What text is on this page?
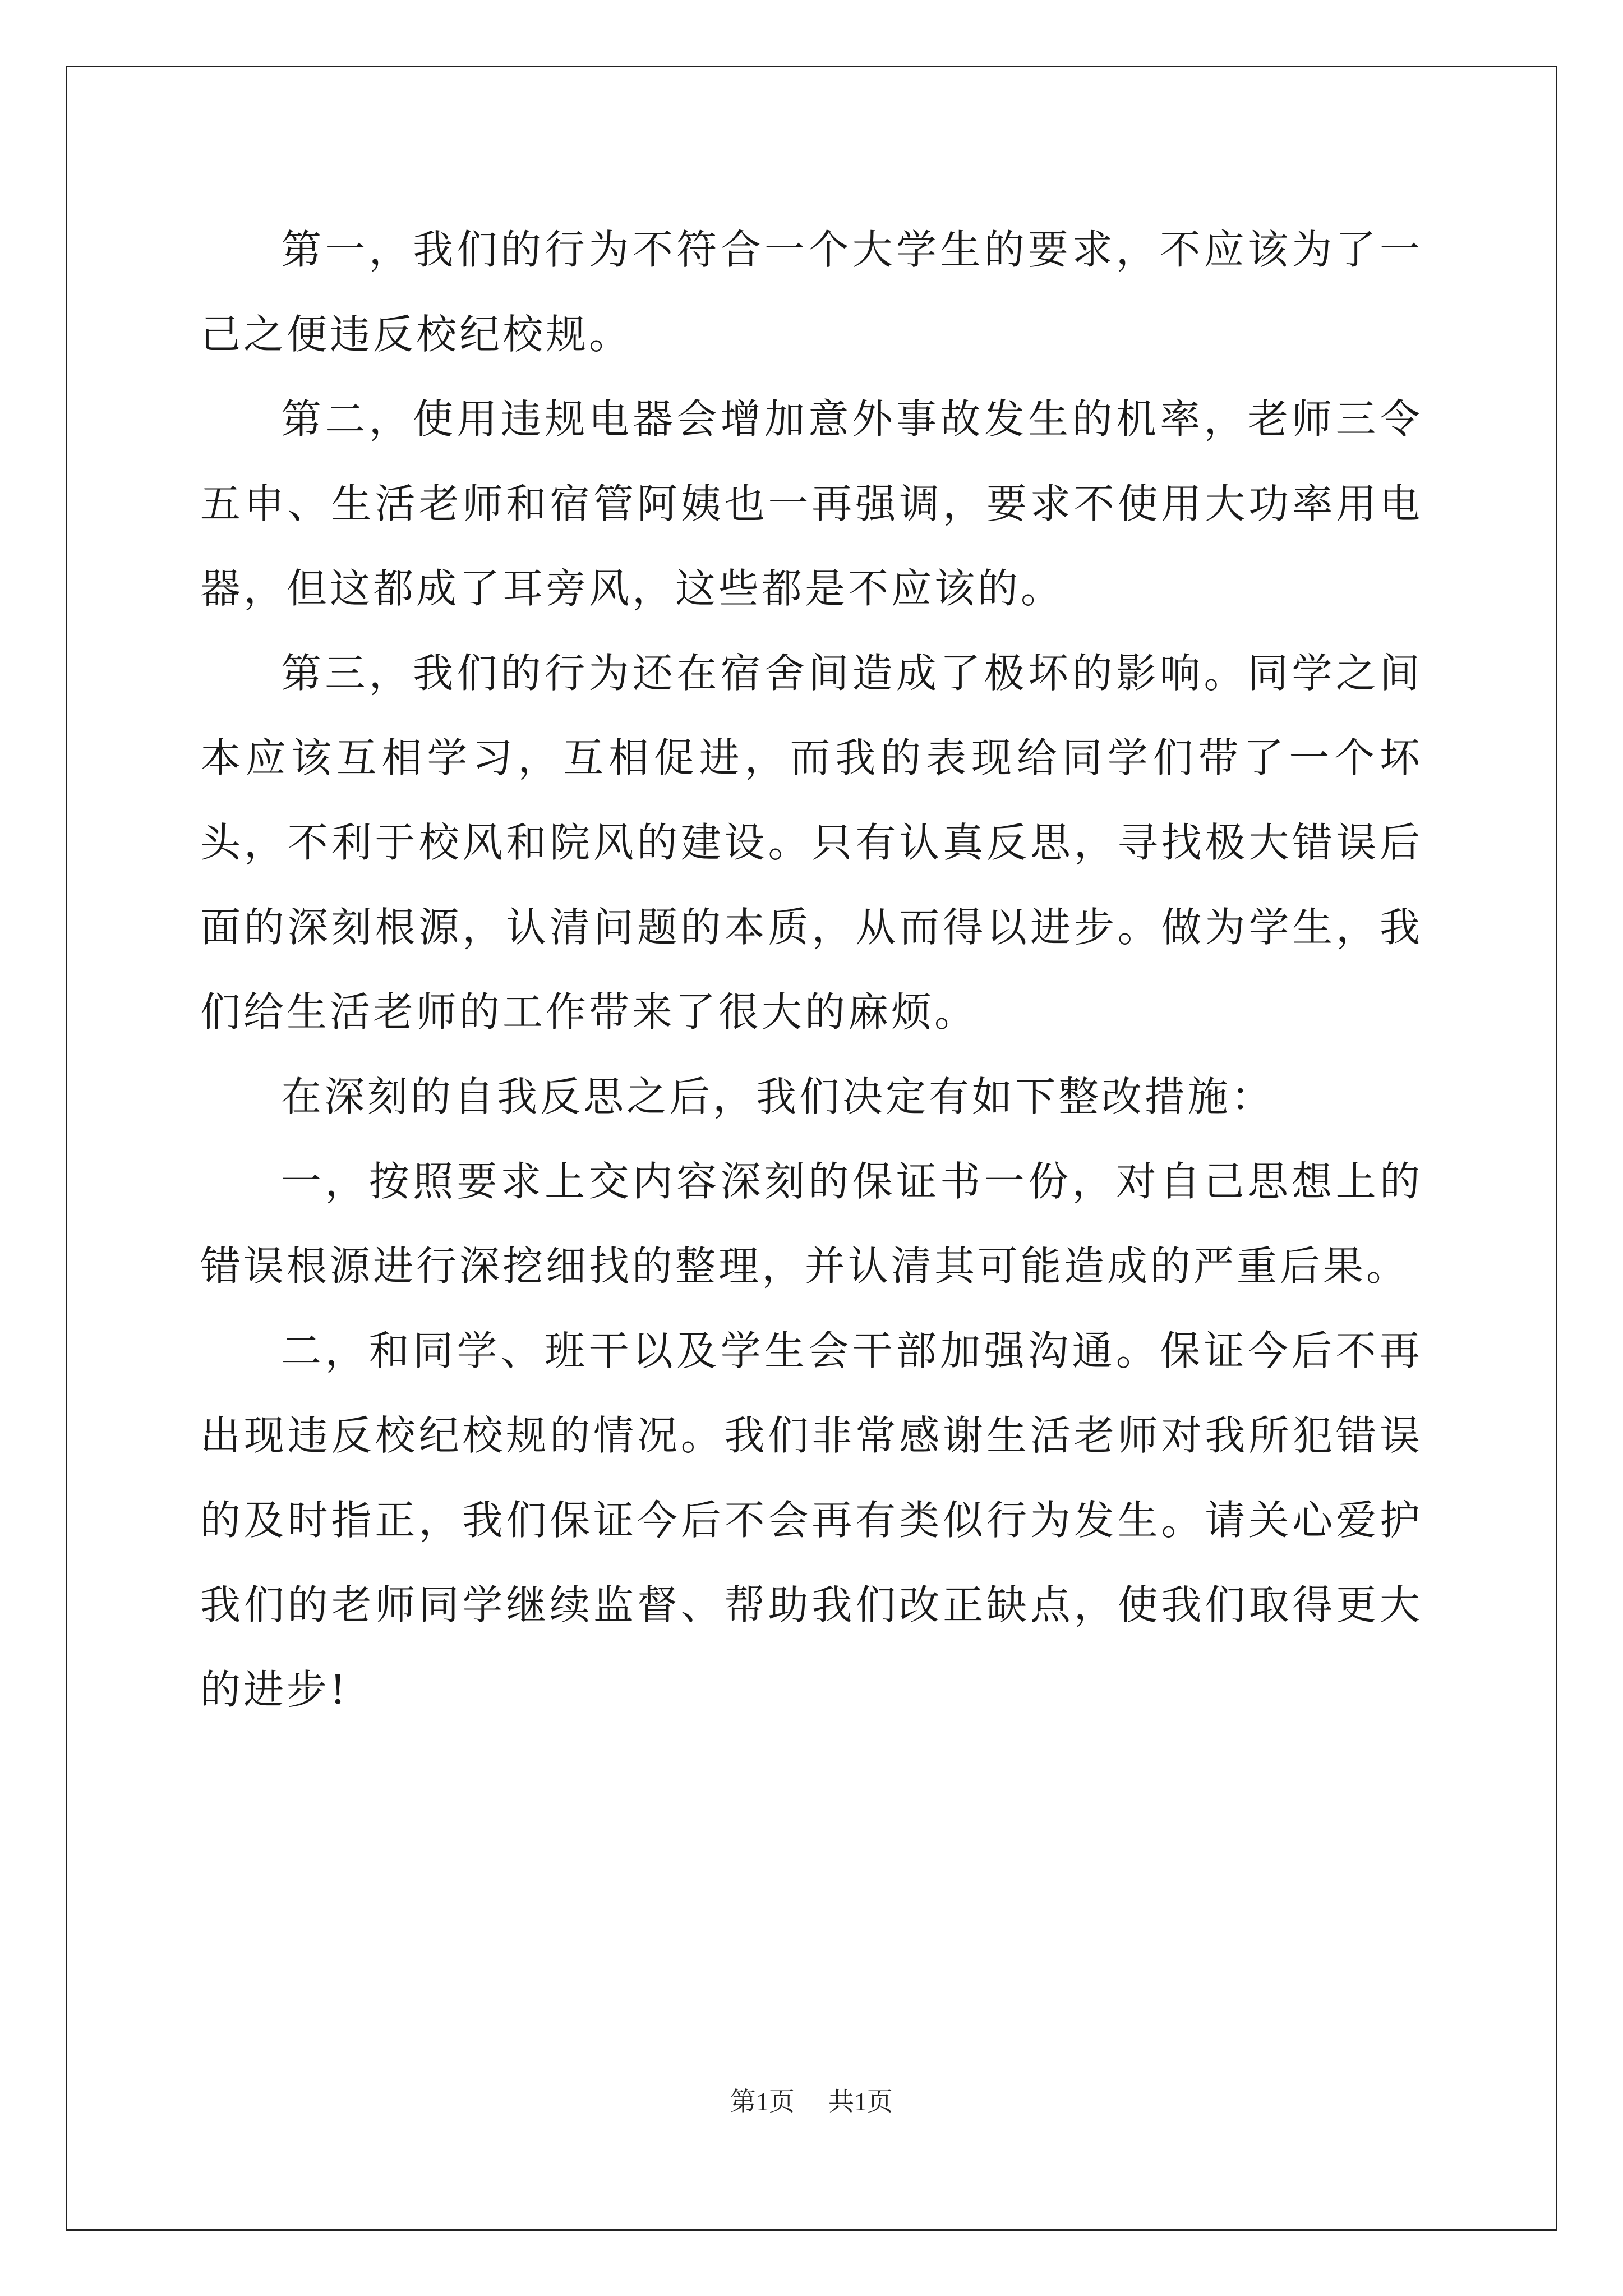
第一，我们的行为不符合一个大学生的要求，不应该为了一己之便违反校纪校规。

第二，使用违规电器会增加意外事故发生的机率，老师三令五申、生活老师和宿管阿姨也一再强调，要求不使用大功率用电器，但这都成了耳旁风，这些都是不应该的。

第三，我们的行为还在宿舍间造成了极坏的影响。同学之间本应该互相学习，互相促进，而我的表现给同学们带了一个坏头，不利于校风和院风的建设。只有认真反思，寻找极大错误后面的深刻根源，认清问题的本质，从而得以进步。做为学生，我们给生活老师的工作带来了很大的麻烦。

在深刻的自我反思之后，我们决定有如下整改措施：

一，按照要求上交内容深刻的保证书一份，对自己思想上的错误根源进行深挖细找的整理，并认清其可能造成的严重后果。

二，和同学、班干以及学生会干部加强沟通。保证今后不再出现违反校纪校规的情况。我们非常感谢生活老师对我所犯错误的及时指正，我们保证今后不会再有类似行为发生。请关心爱护我们的老师同学继续监督、帮助我们改正缺点，使我们取得更大的进步!

第1页 共1页
